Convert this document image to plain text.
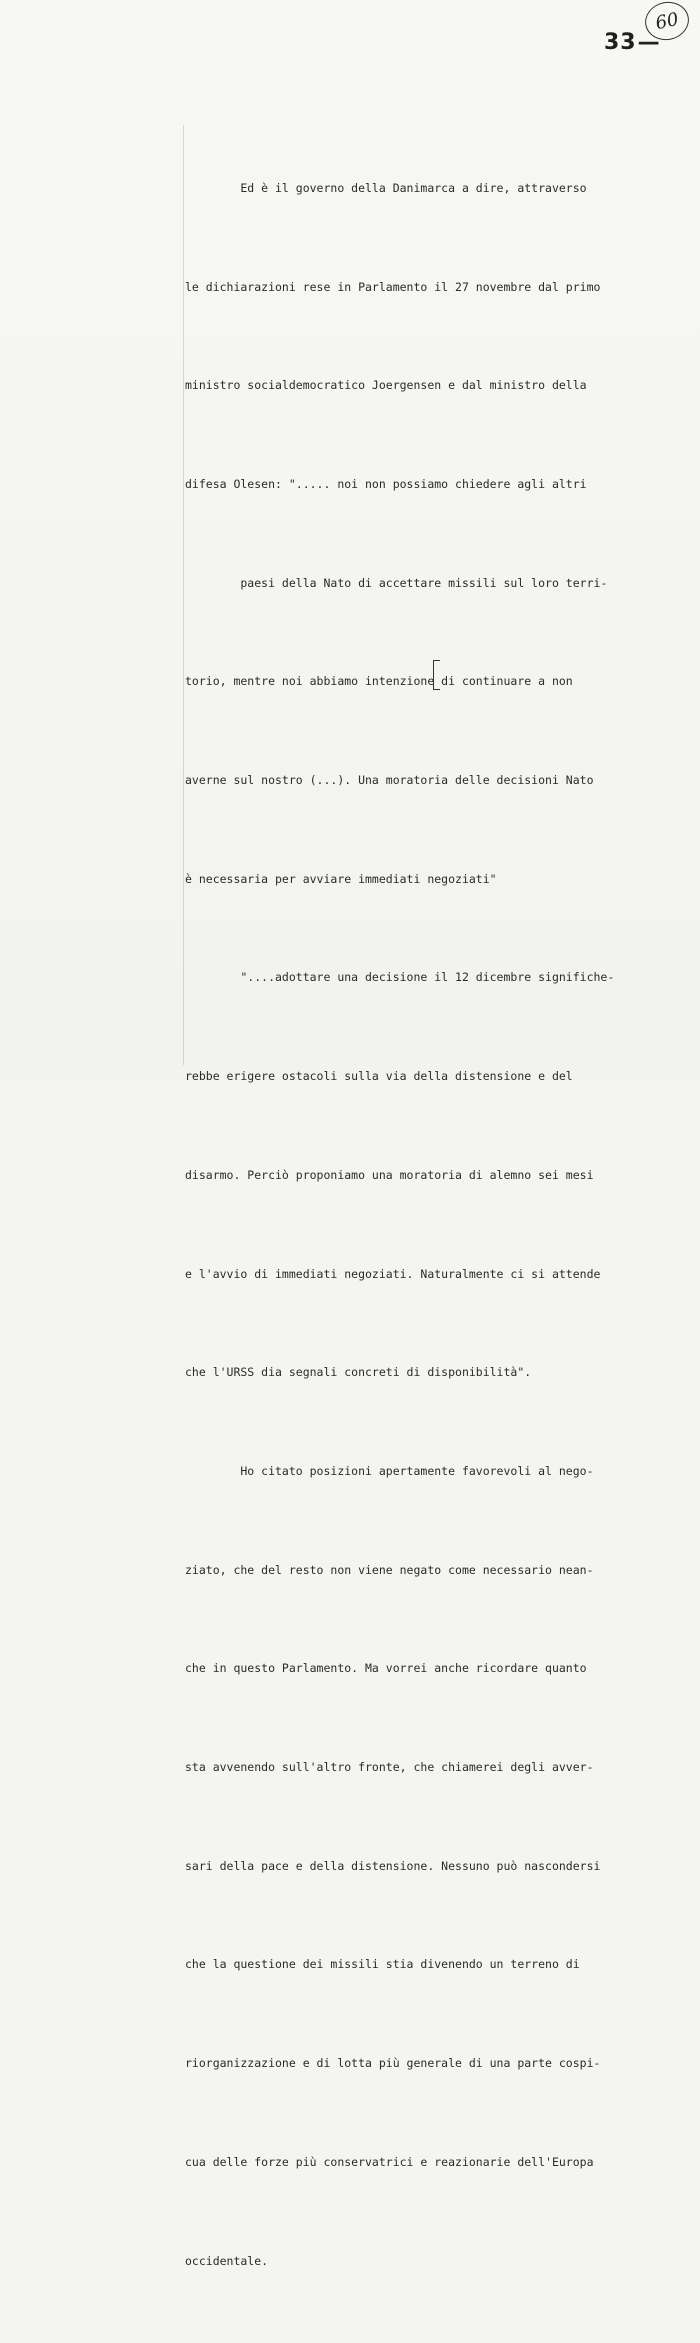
33—
60

Ed è il governo della Danimarca a dire, attraverso

le dichiarazioni rese in Parlamento il 27 novembre dal primo

ministro socialdemocratico Joergensen e dal ministro della

difesa Olesen: "..... noi non possiamo chiedere agli altri

paesi della Nato di accettare missili sul loro terri-

torio, mentre noi abbiamo intenzione di continuare a non

averne sul nostro (...). Una moratoria delle decisioni Nato

è necessaria per avviare immediati negoziati"

"....adottare una decisione il 12 dicembre significhe-

rebbe erigere ostacoli sulla via della distensione e del

disarmo. Perciò proponiamo una moratoria di alemno sei mesi

e l'avvio di immediati negoziati. Naturalmente ci si attende

che l'URSS dia segnali concreti di disponibilità".

Ho citato posizioni apertamente favorevoli al nego-

ziato, che del resto non viene negato come necessario nean-

che in questo Parlamento. Ma vorrei anche ricordare quanto

sta avvenendo sull'altro fronte, che chiamerei degli avver-

sari della pace e della distensione. Nessuno può nascondersi

che la questione dei missili stia divenendo un terreno di

riorganizzazione e di lotta più generale di una parte cospi-

cua delle forze più conservatrici e reazionarie dell'Europa

occidentale.
